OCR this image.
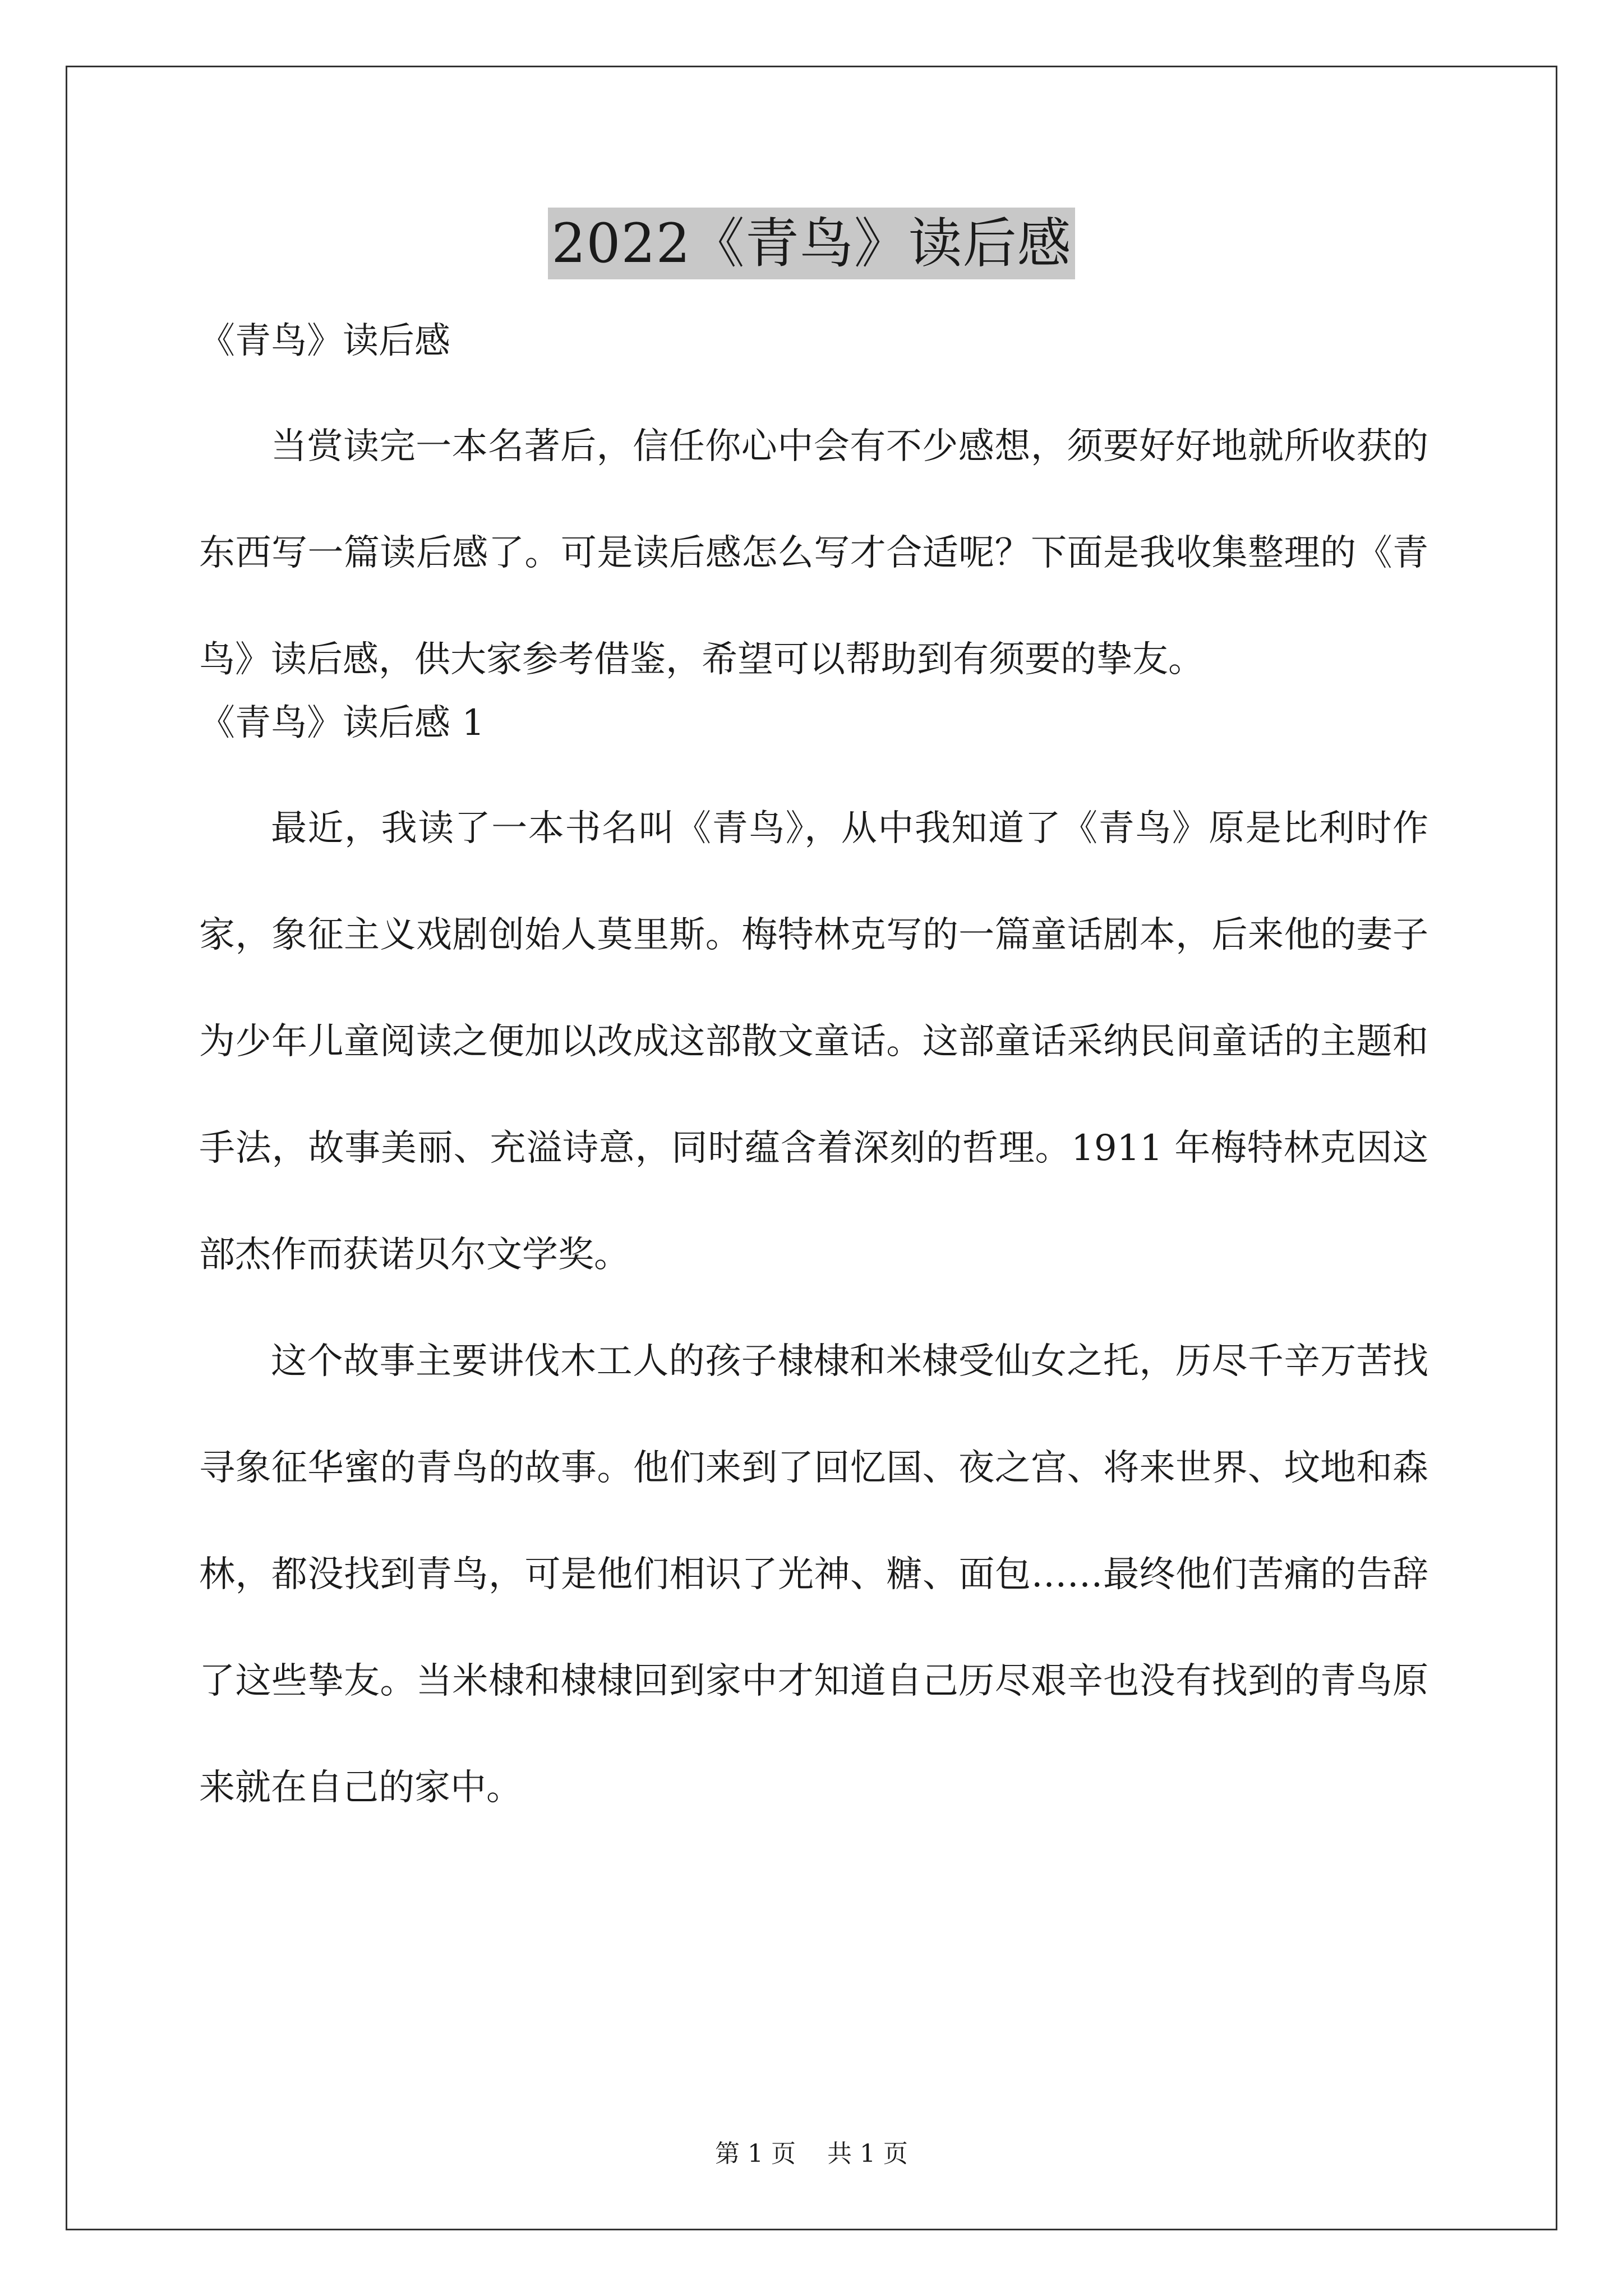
2022《青鸟》读后感
《青鸟》读后感

当赏读完一本名著后，信任你心中会有不少感想，须要好好地就所收获的东西写一篇读后感了。可是读后感怎么写才合适呢？下面是我收集整理的《青鸟》读后感，供大家参考借鉴，希望可以帮助到有须要的挚友。

《青鸟》读后感 1

最近，我读了一本书名叫《青鸟》，从中我知道了《青鸟》原是比利时作家，象征主义戏剧创始人莫里斯。梅特林克写的一篇童话剧本，后来他的妻子为少年儿童阅读之便加以改成这部散文童话。这部童话采纳民间童话的主题和手法，故事美丽、充溢诗意，同时蕴含着深刻的哲理。1911 年梅特林克因这部杰作而获诺贝尔文学奖。

这个故事主要讲伐木工人的孩子棣棣和米棣受仙女之托，历尽千辛万苦找寻象征华蜜的青鸟的故事。他们来到了回忆国、夜之宫、将来世界、坟地和森林，都没找到青鸟，可是他们相识了光神、糖、面包……最终他们苦痛的告辞了这些挚友。当米棣和棣棣回到家中才知道自己历尽艰辛也没有找到的青鸟原来就在自己的家中。

第 1 页    共 1 页
